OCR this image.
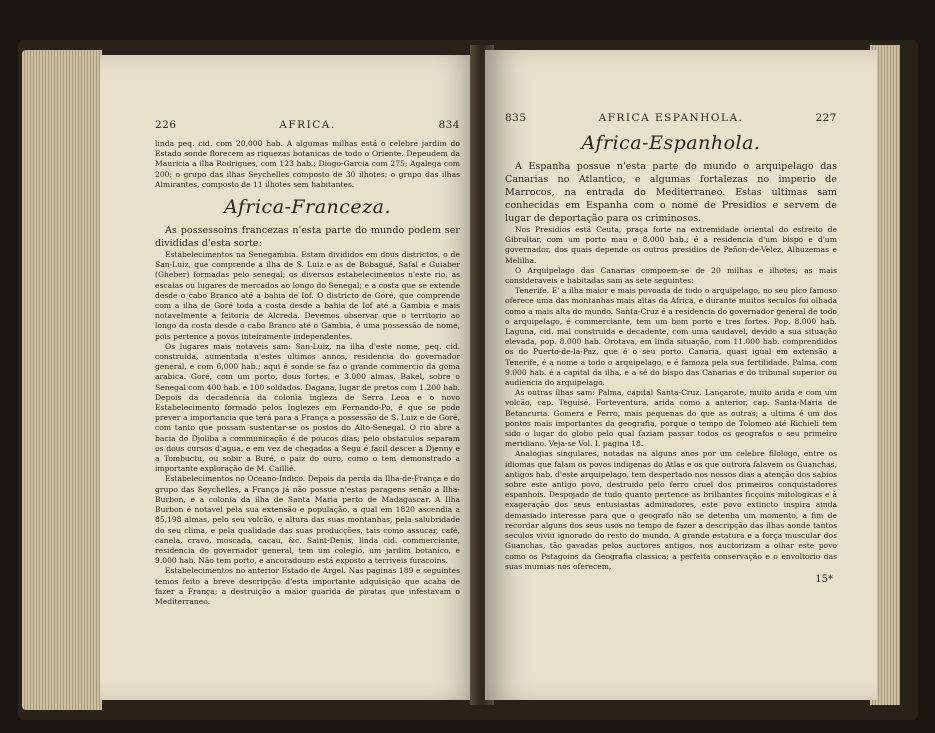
226	AFRICA.	834

linda peq. cid. com 20,000 hab. A algumas milhas está o celebre jardim do Estado sonde florecem as riquezas botanicas de todo o Oriente. Depeudem da Mauricia a ilha Rodrigues, com 123 hab.; Diogo-Garcia com 275; Agalega com 200; o grupo das ilhas Seychelles composto de 30 ilhotes; o grupo das ilhas Almirantes, composto de 11 ilhotes sem habitantes.

Africa-Franceza.

As possessoins francezas n'esta parte do mundo podem ser divididas d'esta sorte:

Estabelecimentos na Senegambia. Estam divididos em dous districtos, o de San-Luiz, que comprende a ilha de S. Luiz e as de Bobagué, Safal e Guiaber (Gheber) formadas pelo senegal; os diversos estabelecimentos n'este rio, as escalas ou lugares de mercados ao longo do Senegal; e a costa que se extende desde o cabo Branco até a bahia de Iof. O districto de Goré, que comprende com a ilha de Goré toda a costa desde a bahia de Iof até a Gambia e mais notavelmente a feitoria de Alcreda. Devemos observar que o territorio ao longo da costa desde o cabo Branco até o Gambia, é uma possessão de nome, pois pertence a povos inteiramente independentes.

Os lugares mais notaveis sam: San-Luiz, na ilha d'este nome, peq. cid. construida, aumentada n'estes ultimos annos, residencia do governador general, e com 6,000 hab.; aqui é sonde se faz o grande commercio da goma arabica. Goré, com um porto, dous fortes, e 3.000 almas. Bakel, sobre o Senegal com 400 hab. e 100 soldados. Dagana, lugar de pretos com 1.200 hab. Depois da decadencia da colonia ingleza de Serra Leoa e o novo Estabelecimento formado pelos Inglezes em Fernando-Po, é que se pode prever a importancia que terá para a França a possessão de S. Luiz e de Goré, com tanto que possam sustentar-se os postos do Alto-Senegal. O rio abre a bacia do Djoliba a communicação é de poucos dias; pelo obstaculos separam os dous cursos d'agua, e em vez de chegados a Segu é facil descer a Djenny e a Tombuctu, ou sobir a Buré, o paiz do ouro, como o tem demonstrado a importante exploração de M. Caillié.

Estabelecimentos no Oceano-Indico. Depois da perda da Ilha-de-França e do grupo das Seychelles, a França já não possue n'estas paragens senão a Ilha-Burbon, e a colonia da ilha de Santa Maria perto de Madagascar. A Ilha Burbon é notavel pela sua extensão e população, a qual em 1820 ascendia a 85,198 almas, pelo seu volcão, e altura das suas montanhas, pela salubridade do seu clima, e pela qualidade das suas producções, tais como assucar, café, canela, cravo, moscada, cacau, &c. Saint-Denis, linda cid. commerciante, residencia do governador general, tem um colegio, um jardim botanico, e 9.000 hab. Não tem porto, e ancoradouro está exposto a terriveis furacoins.

Estabelecimentos no anterior Estado de Argel. Nas paginas 189 e seguintes temos feito a breve descripção d'esta importante adquisição que acaba de fazer a França; a destruição a maior guarida de piratas que infestavam o Mediterraneo.

835	AFRICA ESPANHOLA.	227
Africa-Espanhola.

A Espanha possue n'esta parte do mundo o arquipelago das Canarias no Atlantico, e algumas fortalezas no imperio de Marrocos, na entrada do Mediterraneo. Estas ultimas sam conhecidas em Espanha com o nome de Presidios e servem de lugar de deportação para os criminosos.

Nos Presidios está Ceuta, praça forte na extremidade oriental do estreito de Gibraltar, com um porto mau e 8.000 hab.; é a residencia d'um bispo e d'um governador, dos quais depende os outros presidios de Peñon-de-Velez, Alhuzemas e Melilha.

O Arquipelago das Canarias compoem-se de 20 milhas e ilhotes; as mais consideraveis e habitadas sam as sete seguintes:

Tenerife. E' a ilha maior e mais povoada de todo o arquipelago, no seu pico famoso oferece uma das montanhas mais altas da Africa, e durante muitos seculos foi olhada como a mais alta do mundo. Santa-Cruz é a residencia do governador general de todo o arquipelago, é commerciante, tem um bom porto e tres fortes. Pop. 8.000 hab. Laguna, cid. mal construida e decadente, com uma saudavel, devido a sua situação elevada, pop. 8.000 hab. Orotava, em linda situação, com 11.000 hab. comprendidos os do Puerto-de-la-Paz, que é o seu porto. Canaria, quasi igual em extensão a Tenerife, é a nome a todo o arquipelago, e é famoza pela sua fertilidade. Palma, com 9.000 hab. é a capital da ilha, e a sé do bispo das Canarias e do tribunal superior ou audiencia do arquipelago.

As outras ilhas sam: Palma, capital Santa-Cruz. Lançarote, muito arida e com um volcão, cap. Teguisé. Forteventura, arida como a anterior, cap. Santa-Maria de Betancuria. Gomera e Ferro, mais pequenas do que as outras; a ultima é um dos pontos mais importantes da geografia, porque o tempo de Tolomeo até Richieli tem sido o lugar do globo pelo qual faziam passar todos os geografos o seu primeiro meridiano. Veja-se Vol. I. pagina 18.

Analogias singulares, notadas na alguns anos por um celebre filologo, entre os idiomas que falam os povos indigenas do Atlas e os que outrora falavem os Guanchas, antigos hab. d'este arquipelago, tem despertado nos nossos dias a atenção dos sabios sobre este antigo povo, destruido pelo ferro cruel dos primeiros conquistadores espanhois. Despojado de tudo quanto pertence as brilhantes ficçoins mitologicas e à exageração dos seus entusiastas admiradores, este povo extincto inspira ainda demasiado interesse para que o geografo não se detenha um momento, a fim de recordar alguns dos seus usos no tempo de fazer a descripção das ilhas aonde tantos seculos viviu ignorado do resto do mundo. A grande estatura e a força muscular dos Guanchas, tão gavadas pelos auctores antigos, nos auctorizam a olhar este povo como os Patagoins da Geografia classica; a perfeita conservação e o envoltorio das suas mumias nos oferecem,

15*
